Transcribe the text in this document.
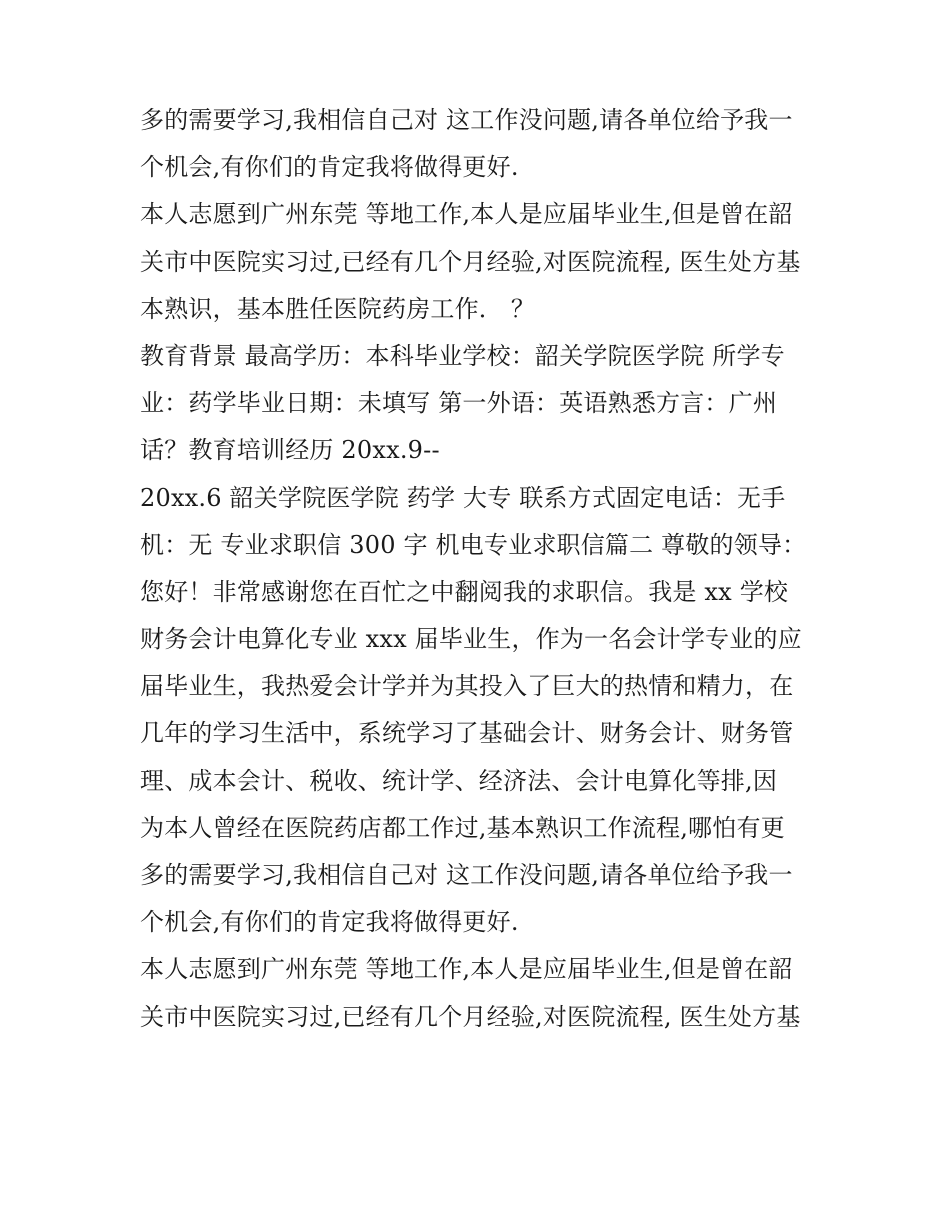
多的需要学习,我相信自己对 这工作没问题,请各单位给予我一
个机会,有你们的肯定我将做得更好.
本人志愿到广州东莞 等地工作,本人是应届毕业生,但是曾在韶
关市中医院实习过,已经有几个月经验,对医院流程, 医生处方基
本熟识，基本胜任医院药房工作． ？
教育背景 最高学历：本科毕业学校：韶关学院医学院 所学专
业：药学毕业日期：未填写 第一外语：英语熟悉方言：广州
话？教育培训经历 20xx.9--
20xx.6 韶关学院医学院 药学 大专 联系方式固定电话：无手
机：无 专业求职信 300 字 机电专业求职信篇二 尊敬的领导：
您好！非常感谢您在百忙之中翻阅我的求职信。我是 xx 学校
财务会计电算化专业 xxx 届毕业生，作为一名会计学专业的应
届毕业生，我热爱会计学并为其投入了巨大的热情和精力，在
几年的学习生活中，系统学习了基础会计、财务会计、财务管
理、成本会计、税收、统计学、经济法、会计电算化等排,因
为本人曾经在医院药店都工作过,基本熟识工作流程,哪怕有更
多的需要学习,我相信自己对 这工作没问题,请各单位给予我一
个机会,有你们的肯定我将做得更好.
本人志愿到广州东莞 等地工作,本人是应届毕业生,但是曾在韶
关市中医院实习过,已经有几个月经验,对医院流程, 医生处方基
